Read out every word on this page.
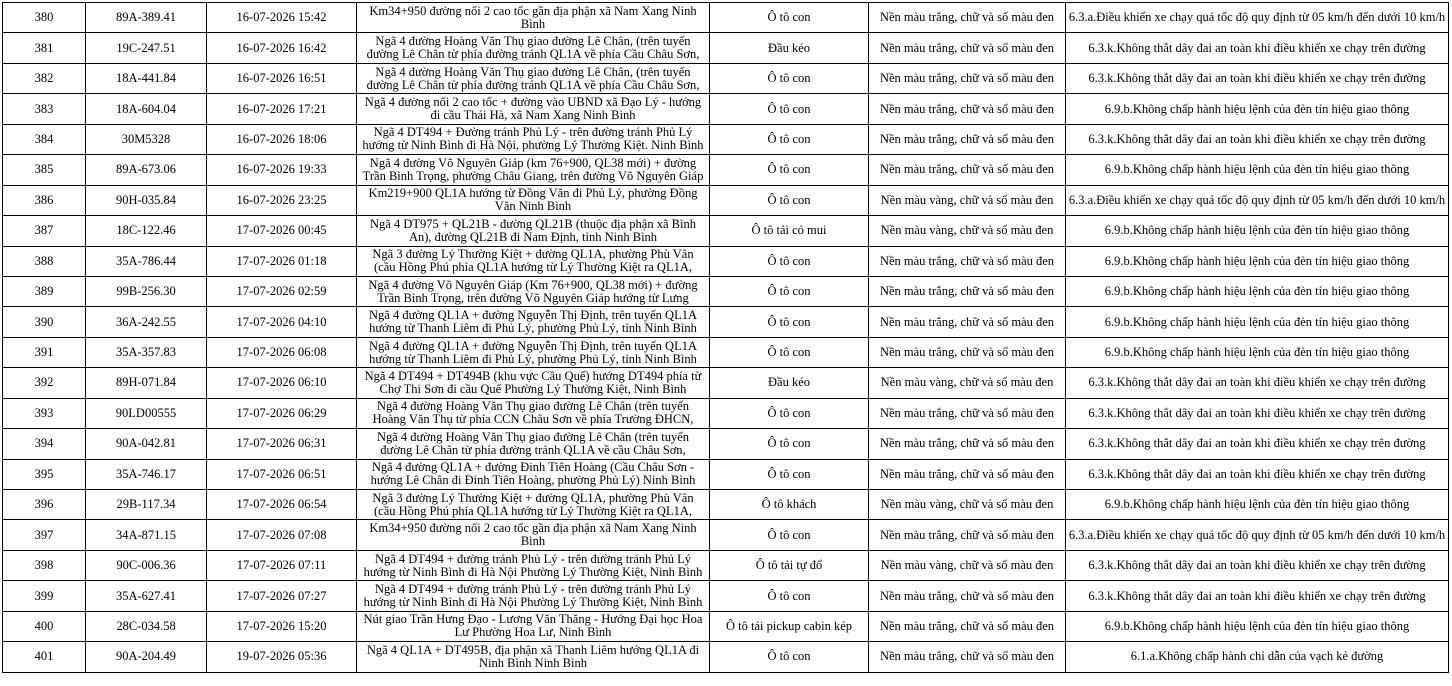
380	89A-389.41	16-07-2026 15:42	Km34+950 đường nối 2 cao tốc gần địa phận xã Nam Xang Ninh Bình	Ô tô con	Nền màu trắng, chữ và số màu đen	6.3.a.Điều khiển xe chạy quá tốc độ quy định từ 05 km/h đến dưới 10 km/h
381	19C-247.51	16-07-2026 16:42	Ngã 4 đường Hoàng Văn Thụ giao đường Lê Chân, (trên tuyến đường Lê Chân từ phía đường tránh QL1A về phía Cầu Châu Sơn,	Đầu kéo	Nền màu trắng, chữ và số màu đen	6.3.k.Không thắt dây đai an toàn khi điều khiển xe chạy trên đường
382	18A-441.84	16-07-2026 16:51	Ngã 4 đường Hoàng Văn Thụ giao đường Lê Chân, (trên tuyến đường Lê Chân từ phía đường tránh QL1A về phía Cầu Châu Sơn,	Ô tô con	Nền màu trắng, chữ và số màu đen	6.3.k.Không thắt dây đai an toàn khi điều khiển xe chạy trên đường
383	18A-604.04	16-07-2026 17:21	Ngã 4 đường nối 2 cao tốc + đường vào UBND xã Đạo Lý - hướng đi cầu Thái Hà, xã Nam Xang Ninh Bình	Ô tô con	Nền màu trắng, chữ và số màu đen	6.9.b.Không chấp hành hiệu lệnh của đèn tín hiệu giao thông
384	30M5328	16-07-2026 18:06	Ngã 4 DT494 + Đường tránh Phủ Lý - trên đường tránh Phủ Lý hướng từ Ninh Bình đi Hà Nội, phường Lý Thường Kiệt. Ninh Bình	Ô tô con	Nền màu trắng, chữ và số màu đen	6.3.k.Không thắt dây đai an toàn khi điều khiển xe chạy trên đường
385	89A-673.06	16-07-2026 19:33	Ngã 4 đường Võ Nguyên Giáp (km 76+900, QL38 mới) + đường Trần Bình Trọng, phường Châu Giang, trên đường Võ Nguyên Giáp	Ô tô con	Nền màu trắng, chữ và số màu đen	6.9.b.Không chấp hành hiệu lệnh của đèn tín hiệu giao thông
386	90H-035.84	16-07-2026 23:25	Km219+900 QL1A hướng từ Đồng Văn đi Phủ Lý, phường Đồng Văn Ninh Bình	Ô tô con	Nền màu vàng, chữ và số màu đen	6.3.a.Điều khiển xe chạy quá tốc độ quy định từ 05 km/h đến dưới 10 km/h
387	18C-122.46	17-07-2026 00:45	Ngã 4 DT975 + QL21B - đường QL21B (thuộc địa phận xã Bình An), đường QL21B đi Nam Định, tỉnh Ninh Bình	Ô tô tải có mui	Nền màu vàng, chữ và số màu đen	6.9.b.Không chấp hành hiệu lệnh của đèn tín hiệu giao thông
388	35A-786.44	17-07-2026 01:18	Ngã 3 đường Lý Thường Kiệt + đường QL1A, phường Phù Vân (cầu Hồng Phú phía QL1A hướng từ Lý Thường Kiệt ra QL1A,	Ô tô con	Nền màu trắng, chữ và số màu đen	6.9.b.Không chấp hành hiệu lệnh của đèn tín hiệu giao thông
389	99B-256.30	17-07-2026 02:59	Ngã 4 đường Võ Nguyên Giáp (Km 76+900, QL38 mới) + đường Trần Bình Trọng, trên đường Võ Nguyên Giáp hướng từ Lưng	Ô tô con	Nền màu trắng, chữ và số màu đen	6.9.b.Không chấp hành hiệu lệnh của đèn tín hiệu giao thông
390	36A-242.55	17-07-2026 04:10	Ngã 4 đường QL1A + đường Nguyễn Thị Định, trên tuyến QL1A hướng từ Thanh Liêm đi Phủ Lý, phường Phủ Lý, tỉnh Ninh Bình	Ô tô con	Nền màu trắng, chữ và số màu đen	6.9.b.Không chấp hành hiệu lệnh của đèn tín hiệu giao thông
391	35A-357.83	17-07-2026 06:08	Ngã 4 đường QL1A + đường Nguyễn Thị Định, trên tuyến QL1A hướng từ Thanh Liêm đi Phủ Lý, phường Phủ Lý, tỉnh Ninh Bình	Ô tô con	Nền màu trắng, chữ và số màu đen	6.9.b.Không chấp hành hiệu lệnh của đèn tín hiệu giao thông
392	89H-071.84	17-07-2026 06:10	Ngã 4 DT494 + DT494B (khu vực Cầu Quế) hướng DT494 phía từ Chợ Thi Sơn đi cầu Quế Phường Lý Thường Kiệt, Ninh Bình	Đầu kéo	Nền màu vàng, chữ và số màu đen	6.3.k.Không thắt dây đai an toàn khi điều khiển xe chạy trên đường
393	90LD00555	17-07-2026 06:29	Ngã 4 đường Hoàng Văn Thụ giao đường Lê Chân (trên tuyến Hoàng Văn Thụ từ phía CCN Châu Sơn về phía Trường ĐHCN,	Ô tô con	Nền màu trắng, chữ và số màu đen	6.3.k.Không thắt dây đai an toàn khi điều khiển xe chạy trên đường
394	90A-042.81	17-07-2026 06:31	Ngã 4 đường Hoàng Văn Thụ giao đường Lê Chân (trên tuyến đường Lê Chân từ phía đường tránh QL1A về cầu Châu Sơn,	Ô tô con	Nền màu trắng, chữ và số màu đen	6.3.k.Không thắt dây đai an toàn khi điều khiển xe chạy trên đường
395	35A-746.17	17-07-2026 06:51	Ngã 4 đường QL1A + đường Đinh Tiên Hoàng (Cầu Châu Sơn - hướng Lê Chân đi Đinh Tiên Hoàng, phường Phủ Lý) Ninh Bình	Ô tô con	Nền màu trắng, chữ và số màu đen	6.3.k.Không thắt dây đai an toàn khi điều khiển xe chạy trên đường
396	29B-117.34	17-07-2026 06:54	Ngã 3 đường Lý Thường Kiệt + đường QL1A, phường Phù Vân (cầu Hồng Phú phía QL1A hướng từ Lý Thường Kiệt ra QL1A,	Ô tô khách	Nền màu vàng, chữ và số màu đen	6.9.b.Không chấp hành hiệu lệnh của đèn tín hiệu giao thông
397	34A-871.15	17-07-2026 07:08	Km34+950 đường nối 2 cao tốc gần địa phận xã Nam Xang Ninh Bình	Ô tô con	Nền màu trắng, chữ và số màu đen	6.3.a.Điều khiển xe chạy quá tốc độ quy định từ 05 km/h đến dưới 10 km/h
398	90C-006.36	17-07-2026 07:11	Ngã 4 DT494 + đường tránh Phủ Lý - trên đường tránh Phủ Lý hướng từ Ninh Bình đi Hà Nội Phường Lý Thường Kiệt, Ninh Bình	Ô tô tải tự đổ	Nền màu vàng, chữ và số màu đen	6.3.k.Không thắt dây đai an toàn khi điều khiển xe chạy trên đường
399	35A-627.41	17-07-2026 07:27	Ngã 4 DT494 + đường tránh Phủ Lý - trên đường tránh Phủ Lý hướng từ Ninh Bình đi Hà Nội Phường Lý Thường Kiệt, Ninh Bình	Ô tô con	Nền màu trắng, chữ và số màu đen	6.3.k.Không thắt dây đai an toàn khi điều khiển xe chạy trên đường
400	28C-034.58	17-07-2026 15:20	Nút giao Trần Hưng Đạo - Lương Văn Thăng - Hướng Đại học Hoa Lư Phường Hoa Lư, Ninh Bình	Ô tô tải pickup cabin kép	Nền màu trắng, chữ và số màu đen	6.9.b.Không chấp hành hiệu lệnh của đèn tín hiệu giao thông
401	90A-204.49	19-07-2026 05:36	Ngã 4 QL1A + DT495B, địa phận xã Thanh Liêm hướng QL1A đi Ninh Bình Ninh Bình	Ô tô con	Nền màu trắng, chữ và số màu đen	6.1.a.Không chấp hành chỉ dẫn của vạch kẻ đường
